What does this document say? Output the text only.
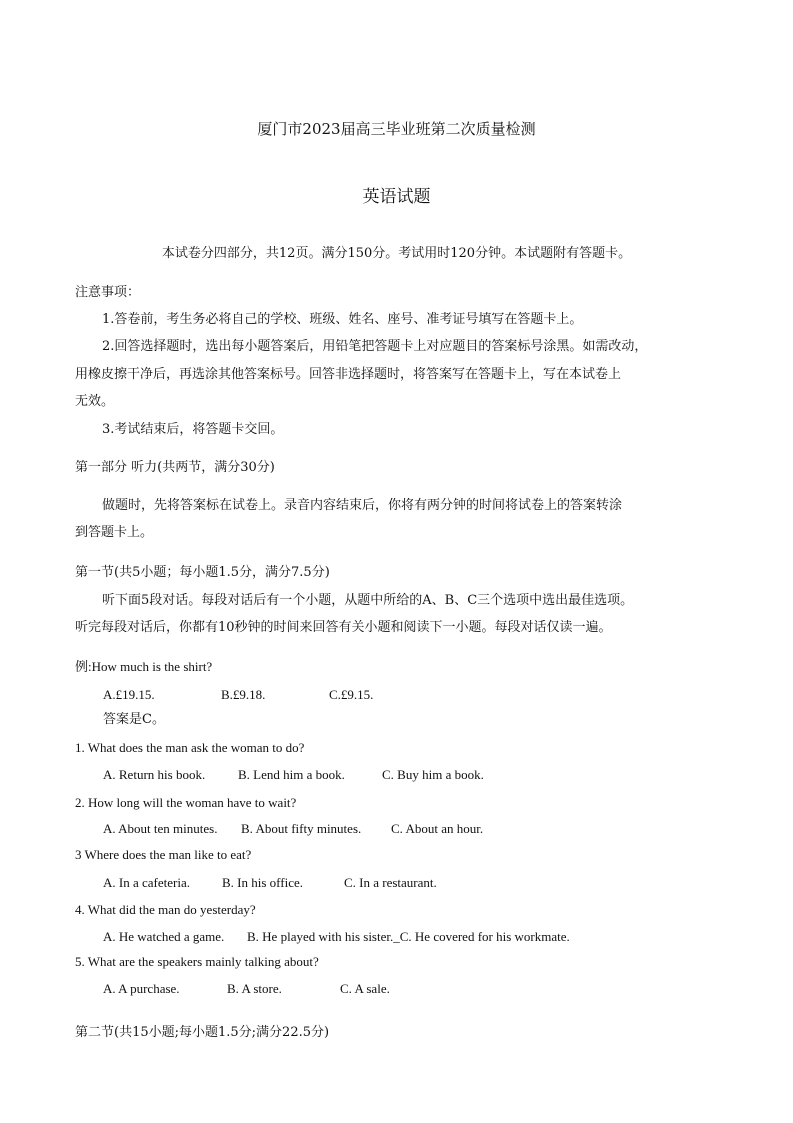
厦门市2023届高三毕业班第二次质量检测
英语试题
本试卷分四部分，共12页。满分150分。考试用时120分钟。本试题附有答题卡。
注意事项：
1.答卷前，考生务必将自己的学校、班级、姓名、座号、准考证号填写在答题卡上。
2.回答选择题时，选出每小题答案后，用铅笔把答题卡上对应题目的答案标号涂黑。如需改动，
用橡皮擦干净后，再选涂其他答案标号。回答非选择题时，将答案写在答题卡上，写在本试卷上
无效。
3.考试结束后，将答题卡交回。
第一部分 听力(共两节，满分30分)
做题时，先将答案标在试卷上。录音内容结束后，你将有两分钟的时间将试卷上的答案转涂
到答题卡上。
第一节(共5小题；每小题1.5分，满分7.5分)
听下面5段对话。每段对话后有一个小题，从题中所给的A、B、C三个选项中选出最佳选项。
听完每段对话后，你都有10秒钟的时间来回答有关小题和阅读下一小题。每段对话仅读一遍。
例:How much is the shirt?
A.£19.15.	B.£9.18.	C.£9.15.
答案是C。
1. What does the man ask the woman to do?
A. Return his book.	B. Lend him a book.	C. Buy him a book.
2. How long will the woman have to wait?
A. About ten minutes. B. About fifty minutes. C. About an hour.
3 Where does the man like to eat?
A. In a cafeteria. B. In his office.	C. In a restaurant.
4. What did the man do yesterday?
A. He watched a game. B. He played with his sister._C. He covered for his workmate.
5. What are the speakers mainly talking about?
A. A purchase.	B. A store.	C. A sale.
第二节(共15小题;每小题1.5分;满分22.5分)
